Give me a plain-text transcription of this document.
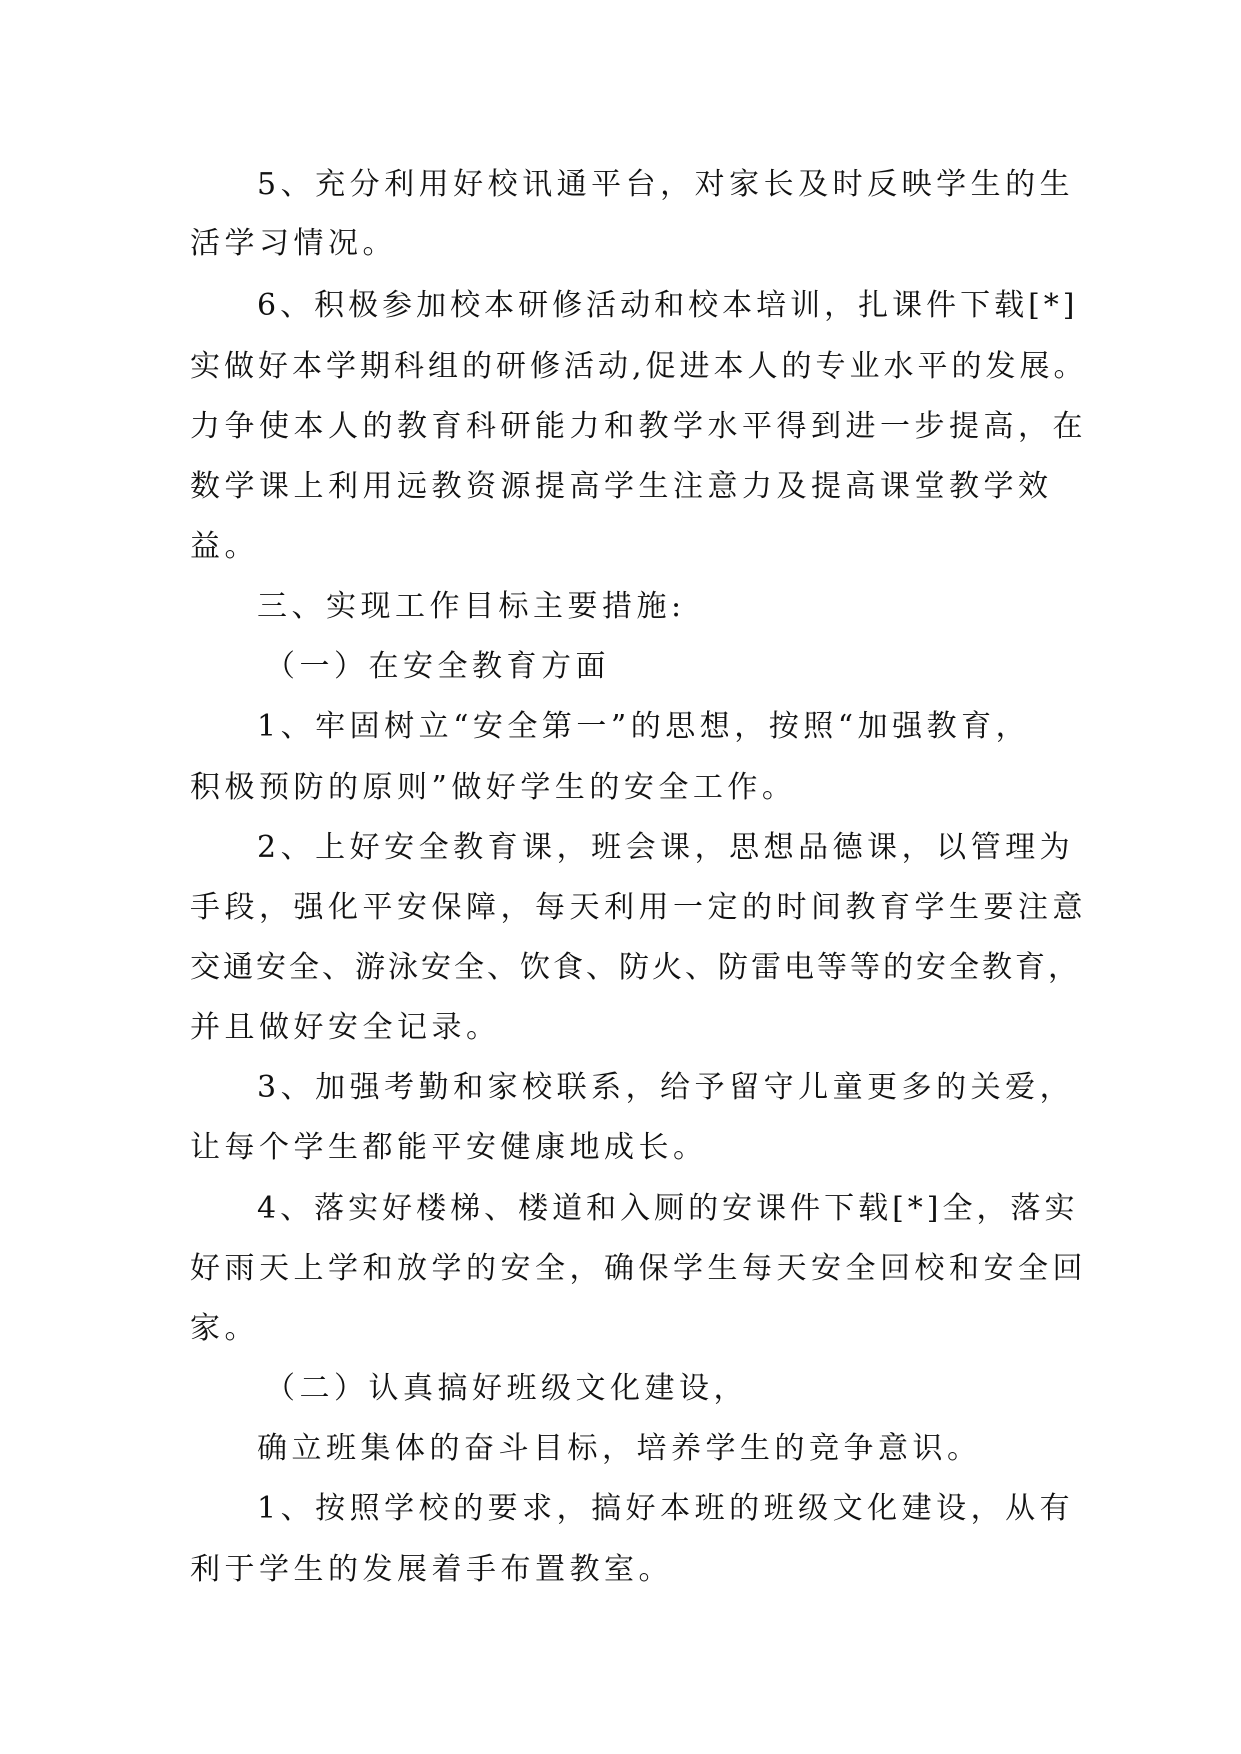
5、充分利用好校讯通平台，对家长及时反映学生的生
活学习情况。
6、积极参加校本研修活动和校本培训，扎课件下载[*]
实做好本学期科组的研修活动,促进本人的专业水平的发展。
力争使本人的教育科研能力和教学水平得到进一步提高，在
数学课上利用远教资源提高学生注意力及提高课堂教学效
益。
三、实现工作目标主要措施:
（一）在安全教育方面
1、牢固树立“安全第一”的思想，按照“加强教育，
积极预防的原则”做好学生的安全工作。
2、上好安全教育课，班会课，思想品德课，以管理为
手段，强化平安保障，每天利用一定的时间教育学生要注意
交通安全、游泳安全、饮食、防火、防雷电等等的安全教育，
并且做好安全记录。
3、加强考勤和家校联系，给予留守儿童更多的关爱，
让每个学生都能平安健康地成长。
4、落实好楼梯、楼道和入厕的安课件下载[*]全，落实
好雨天上学和放学的安全，确保学生每天安全回校和安全回
家。
（二）认真搞好班级文化建设，
确立班集体的奋斗目标，培养学生的竞争意识。
1、按照学校的要求，搞好本班的班级文化建设，从有
利于学生的发展着手布置教室。
